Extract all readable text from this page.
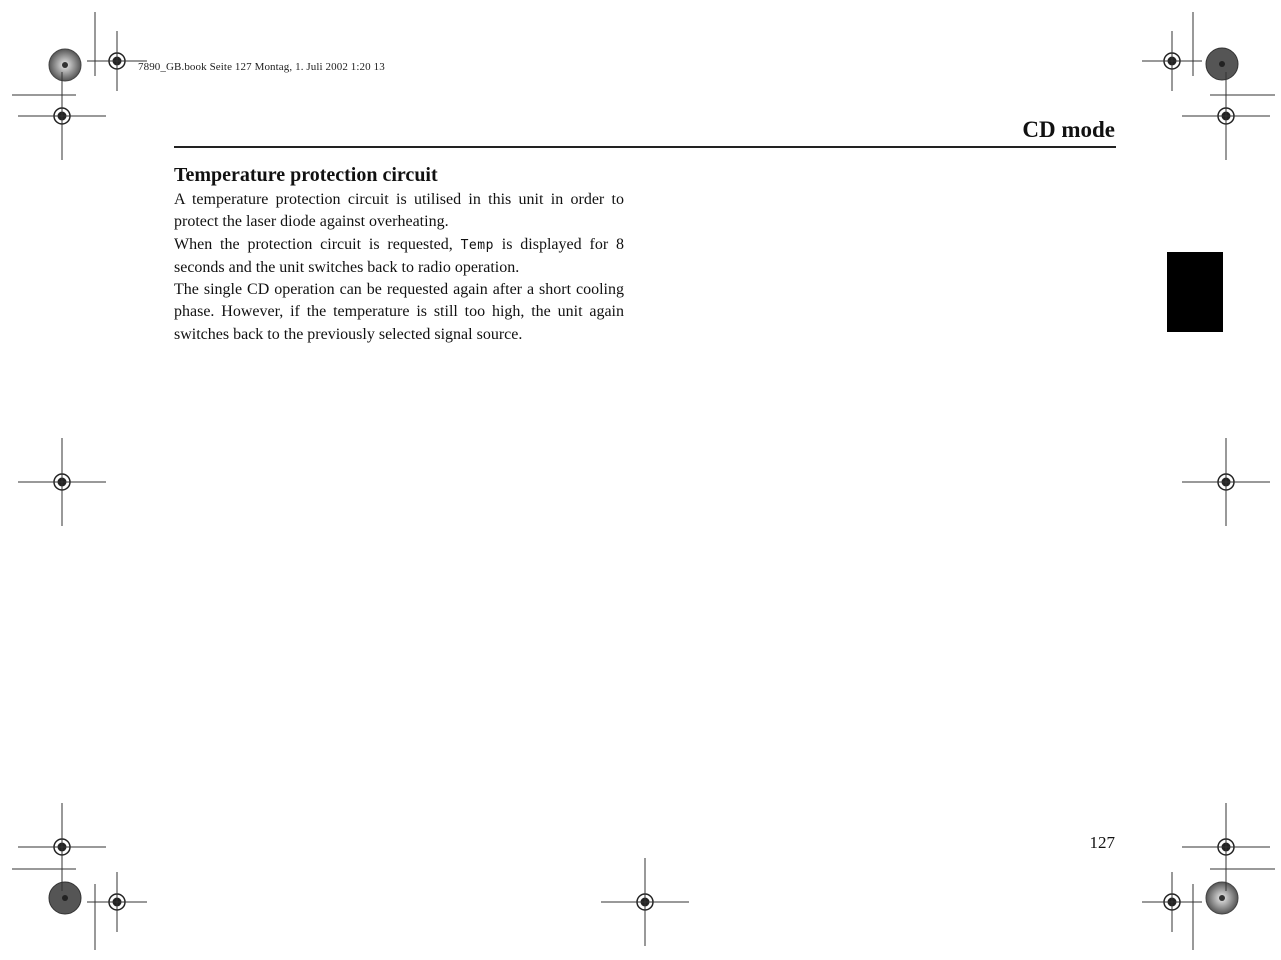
7890_GB.book Seite 127 Montag, 1. Juli 2002 1:20 13
CD mode
Temperature protection circuit

A temperature protection circuit is utilised in this unit in order to protect the laser diode against overheating.

When the protection circuit is requested, Temp is displayed for 8 seconds and the unit switches back to radio operation.

The single CD operation can be requested again after a short cooling phase. However, if the temperature is still too high, the unit again switches back to the previously selected signal source.

127
